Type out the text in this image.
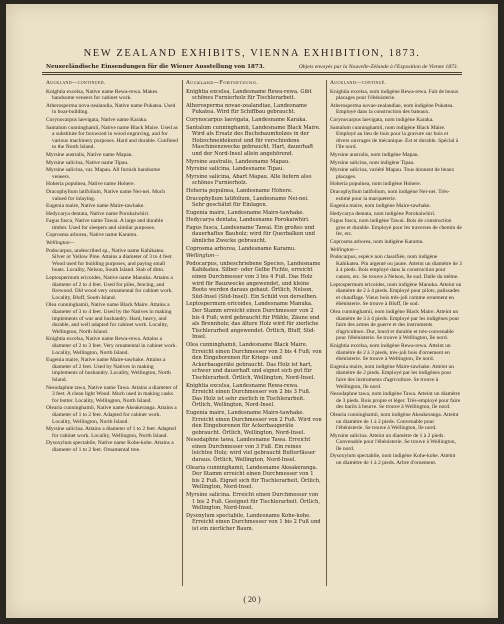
NEW ZEALAND EXHIBITS, VIENNA EXHIBITION, 1873.
Neuseeländische Einsendungen für die Wiener Ausstellung von 1873.	Objets envoyés par la Nouvelle-Zélande à l'Exposition de Vienne 1873.
Auckland—continued.

Knightia excelsa, Native name Rewa-rewa. Makes handsome veneers for cabinet work.

Atherosperma nova-zealandia, Native name Pukatea. Used in boat-building.

Corynocarpus laevigata, Native name Karaka.

Santalum cunninghamii, Native name Black Maire. Used as a substitute for boxwood in wood engraving, and for various machinery purposes. Hard and durable. Confined to the North Island.

Myrsine australis, Native name Mapau.

Myrsine salicina, Native name Tipau.

Myrsine salicina, var. Mapau. All furnish handsome veneers.

Hoheria populnea, Native name Hohere.

Dracophyllum latifolium, Native name Nei-nei. Much valued for inlaying.

Eugenia maire, Native name Maire-tawhake.

Hedycarya dentata, Native name Porokaiwhiri.

Fagus fusca, Native name Tawai. A large and durable timber. Used for sleepers and similar purposes.

Coprosma arborea, Native name Karamu.

Wellington—

Podocarpus, undescribed sp., Native name Kahikatea. Silver or Yellow Pine. Attains a diameter of 3 to 4 feet. Wood used for building purposes, and paying small boats. Locality, Nelson, South Island. Slab of ditto.

Leptospermum ericoides, Native name Manuka. Attains a diameter of 2 to 4 feet. Used for piles, fencing, and firewood. Old wood very ornamental for cabinet work. Locality, Bluff, South Island.

Olea cunninghamii, Native name Black Maire. Attains a diameter of 3 to 4 feet. Used by the Natives in making implements of war and husbandry. Hard, heavy, and durable, and well adapted for cabinet work. Locality, Wellington, North Island.

Knightia excelsa, Native name Rewa-rewa. Attains a diameter of 2 to 3 feet. Very ornamental in cabinet work. Locality, Wellington, North Island.

Eugenia maire, Native name Maire-tawhake. Attains a diameter of 2 feet. Used by Natives in making implements of husbandry. Locality, Wellington, North Island.

Nesodaphne tawa, Native name Tawa. Attains a diameter of 3 feet. A clean light Wood. Much used in making casks for butter. Locality, Wellington, North Island.

Olearia cunninghamii, Native name Akeakeranga. Attains a diameter of 1 to 2 feet. Adapted for cabinet work. Locality, Wellington, North Island.

Myrsine salicina. Attains a diameter of 1 to 2 feet. Adapted for cabinet work. Locality, Wellington, North Island.

Dysoxylum spectabile, Native name Kohe-kohe. Attains a diameter of 1 to 2 feet. Ornamental tree.

Auckland—Fortsetzung.

Knightia excelsa, Landesname Rewa-rewa. Gibt schönes Furnierholz für Tischlerarbeit.

Atherosperma novae-zealandiae, Landesname Pukatea. Wird für Schiffbau gebraucht.

Corynocarpus laevigata, Landesname Karaka.

Santalum cunninghamii, Landesname Black Maire. Wird als Ersatz des Buchsbaumholzes in der Holzschneidekunst und für verschiedene Maschinenzwecke gebraucht. Hart, dauerhaft und der Nord-Insel allein angehörend.

Myrsine australis, Landesname Mapau.

Myrsine salicina, Landesname Tipau.

Myrsine salicina, Abart Mapau. Alle liefern also schönes Furnierholz.

Hoheria populnea, Landesname Hohere.

Dracophyllum latifolium, Landesname Nei-nei. Sehr geschätzt für Einlagen.

Eugenia maire, Landesname Maire-tawhake.

Hedycarya dentata, Landesname Porokaiwhiri.

Fagus fusca, Landesname Tawai. Ein großes und dauerhaftes Bauholz; wird für Querbalken und ähnliche Zwecke gebraucht.

Coprosma arborea, Landesname Karamu.

Wellington—

Podocarpus, unbeschriebene Species, Landesname Kahikatea. Silber- oder Gelbe Fichte, erreicht einen Durchmesser von 3 bis 4 Fuß. Das Holz wird für Bauzwecke angewendet, und kleine Boote werden daraus gebaut. Örtlich, Nelson, Süd-Insel (Süd-Insel). Ein Schild von derselben.

Leptospermum ericoides, Landesname Manuka. Der Stamm erreicht einen Durchmesser von 2 bis 4 Fuß; wird gebraucht für Pfähle, Zäune und als Brennholz; das ältere Holz wird für zierliche Tischlerarbeit angewendet. Örtlich, Bluff, Süd-Insel.

Olea cunninghamii, Landesname Black Maire. Erreicht einen Durchmesser von 3 bis 4 Fuß; von den Eingeborenen für Kriegs- und Ackerbaugeräte gebraucht. Das Holz ist hart, schwer und dauerhaft und eignet sich gut für Tischlerarbeit. Örtlich, Wellington, Nord-Insel.

Knightia excelsa, Landesname Rewa-rewa. Erreicht einen Durchmesser von 2 bis 3 Fuß. Das Holz ist sehr zierlich in Tischlerarbeit. Örtlich, Wellington, Nord-Insel.

Eugenia maire, Landesname Maire-tawhake. Erreicht einen Durchmesser von 2 Fuß. Wird von den Eingeborenen für Ackerbaugeräte gebraucht. Örtlich, Wellington, Nord-Insel.

Nesodaphne tawa, Landesname Tawa. Erreicht einen Durchmesser von 3 Fuß. Ein reines leichtes Holz; wird viel gebraucht Butterfässer daraus. Örtlich, Wellington, Nord-Insel.

Olearia cunninghamii, Landesname Akeakeranga. Der Stamm erreicht einen Durchmesser von 1 bis 2 Fuß. Eignet sich für Tischlerarbeit. Örtlich, Wellington, Nord-Insel.

Myrsine salicina. Erreicht einen Durchmesser von 1 bis 2 Fuß. Geeignet für Tischlerarbeit. Örtlich, Wellington, Nord-Insel.

Dysoxylum spectabile, Landesname Kohe-kohe. Erreicht einen Durchmesser von 1 bis 2 Fuß und ist ein zierlicher Baum.

Auckland—continué.

Knightia excelsa, nom indigène Rewa-rewa. Fait de beaux placages pour l'ébénisterie.

Atherosperma novae-zealandiae, nom indigène Pukatea. Employé dans la construction des bateaux.

Corynocarpus laevigata, nom indigène Karaka.

Santalum cunninghamii, nom indigène Black Maire. Employé au lieu de buis pour la gravure sur bois et divers ouvrages de mécanique. Est et durable. Spécial à l'île nord.

Myrsine australis, nom indigène Mapau.

Myrsine salicina, nom indigène Tipau.

Myrsine salicina, variété Mapau. Tous donnent de beaux placages.

Hoheria populnea, nom indigène Hohere.

Dracophyllum latifolium, nom indigène Nei-nei. Très-estimé pour la marqueterie.

Eugenia maire, nom indigène Maire-tawhake.

Hedycarya dentata, nom indigène Porokaiwhiri.

Fagus fusca, nom indigène Tawai. Bois de construction gros et durable. Employé pour les traverses de chemin de fer, etc.

Coprosma arborea, nom indigène Karamu.

Wellington—

Podocarpus, espèce non classifiée, nom indigène Kahikatea. Pin argenté ou jaune. Atteint un diamètre de 3 à 4 pieds. Bois employé dans la construction pour canots, etc. Se trouve à Nelson, île sud. Dalle du même.

Leptospermum ericoides, nom indigène Manuka. Atteint un diamètre de 2 à 4 pieds. Employé pour pilots, palissades et chauffage. Vieux bois très-joli comme ornement en ébénisterie. Se trouve à Bluff, île sud.

Olea cunninghamii, nom indigène Black Maire. Atteint un diamètre de 3 à 4 pieds. Employé par les indigènes pour faire des armes de guerre et des instruments d'agriculture. Dur, lourd et durable et très-convenable pour l'ébénisterie. Se trouve à Wellington, île nord.

Knightia excelsa, nom indigène Rewa-rewa. Atteint un diamètre de 2 à 3 pieds, très-joli bois d'ornement en ébénisterie. Se trouve à Wellington, île nord.

Eugenia maire, nom indigène Maire-tawhake. Atteint un diamètre de 2 pieds. Employé par les indigènes pour faire des instruments d'agriculture. Se trouve à Wellington, île nord.

Nesodaphne tawa, nom indigène Tawa. Atteint un diamètre de 3 pieds. Bois propre et léger. Très-employé pour faire des barils à beurre. Se trouve à Wellington, île nord.

Olearia cunninghamii, nom indigène Akeakeranga. Atteint un diamètre de 1 à 2 pieds. Convenable pour l'ébénisterie. Se trouve à Wellington, île nord.

Myrsine salicina. Atteint un diamètre de 1 à 2 pieds. Convenable pour l'ébénisterie. Se trouve à Wellington, île nord.

Dysoxylum spectabile, nom indigène Kohe-kohe. Atteint un diamètre de 1 à 2 pieds. Arbre d'ornement.

( 20 )
